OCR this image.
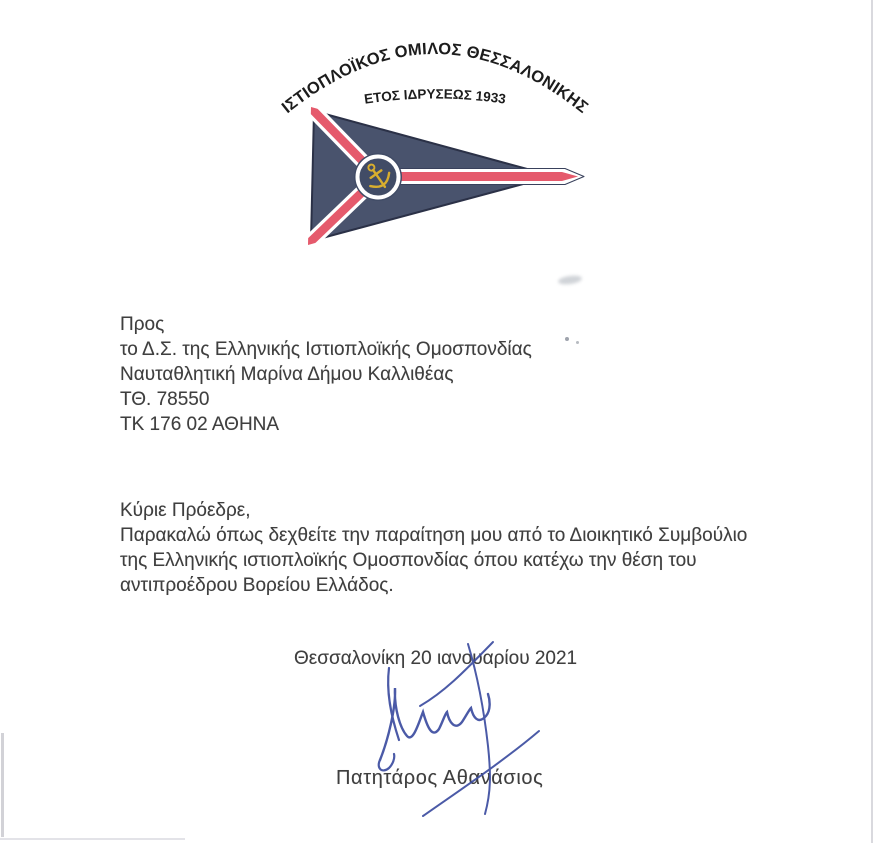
ΙΣΤΙΟΠΛΟΪΚΟΣ ΟΜΙΛΟΣ ΘΕΣΣΑΛΟΝΙΚΗΣ
ΕΤΟΣ ΙΔΡΥΣΕΩΣ 1933
Προς
το Δ.Σ. της Ελληνικής Ιστιοπλοϊκής Ομοσπονδίας
Ναυταθλητική Μαρίνα Δήμου Καλλιθέας
ΤΘ. 78550
ΤΚ 176 02 ΑΘΗΝΑ
Κύριε Πρόεδρε,
Παρακαλώ όπως δεχθείτε την παραίτηση μου από το Διοικητικό Συμβούλιο
της Ελληνικής ιστιοπλοϊκής Ομοσπονδίας όπου κατέχω την θέση του
αντιπροέδρου Βορείου Ελλάδος.
Θεσσαλονίκη 20 ιανουαρίου 2021
Πατητάρος Αθανάσιος
